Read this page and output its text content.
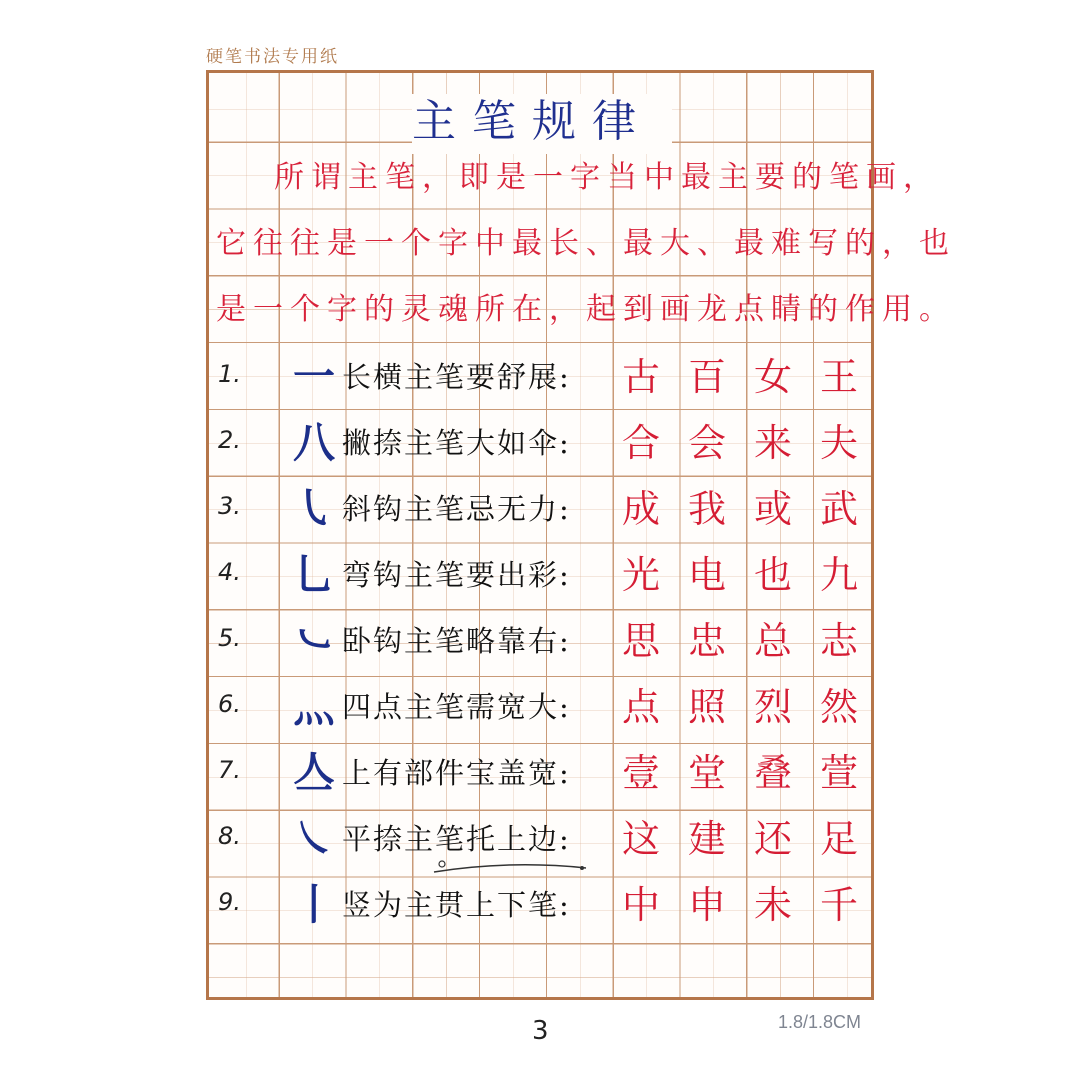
硬笔书法专用纸
主笔规律
所谓主笔，即是一字当中最主要的笔画，
它往往是一个字中最长、最大、最难写的，也
是一个字的灵魂所在，起到画龙点睛的作用。
1.	一 长横主笔要舒展 :	古 百 女 王
2.	八 撇捺主笔大如伞 :	合 会 来 夫
3.	㇂ 斜钩主笔忌无力 :	成 我 或 武
4.	乚 弯钩主笔要出彩 :	光 电 也 九
5.	㇃ 卧钩主笔略靠右 :	思 忠 总 志
6.	灬 四点主笔需宽大 :	点 照 烈 然
7.	亼 上有部件宝盖宽 :	壹 堂 叠 萱
8.	㇏ 平捺主笔托上边 :	这 建 还 足
9.	丨 竖为主贯上下笔 :	中 申 未 千
3	1.8/1.8CM
